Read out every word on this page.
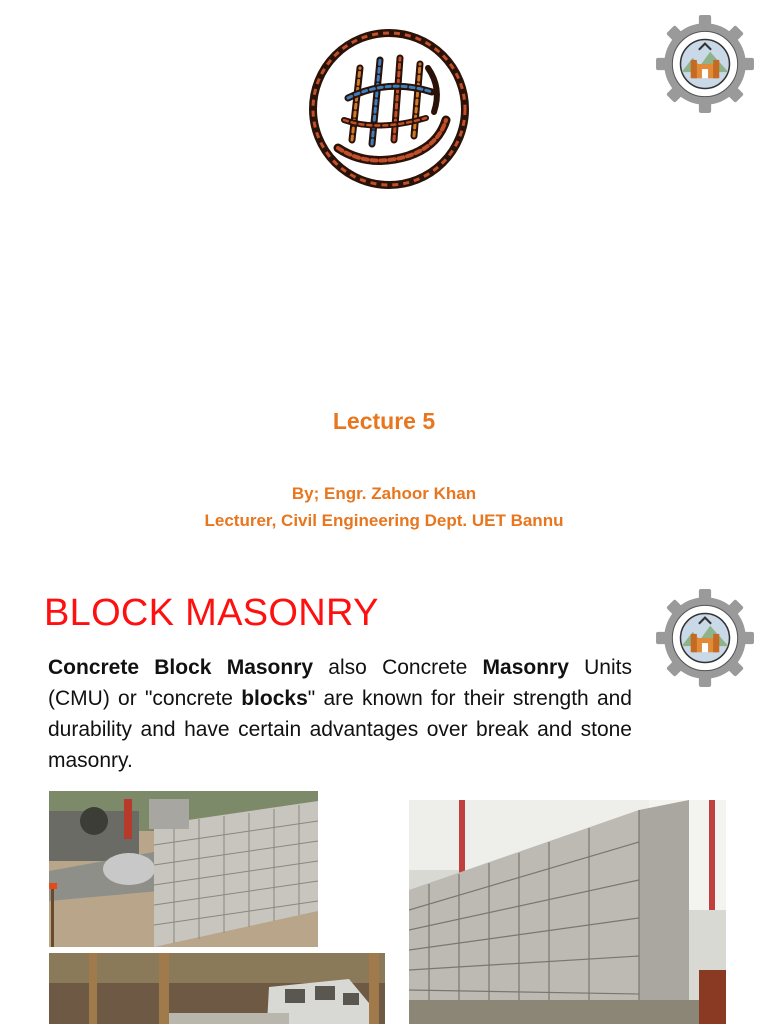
Lecture 5
By; Engr. Zahoor Khan
Lecturer, Civil Engineering Dept. UET Bannu
BLOCK MASONRY
Concrete Block Masonry also Concrete Masonry Units (CMU) or "concrete blocks" are known for their strength and durability and have certain advantages over break and stone masonry.
